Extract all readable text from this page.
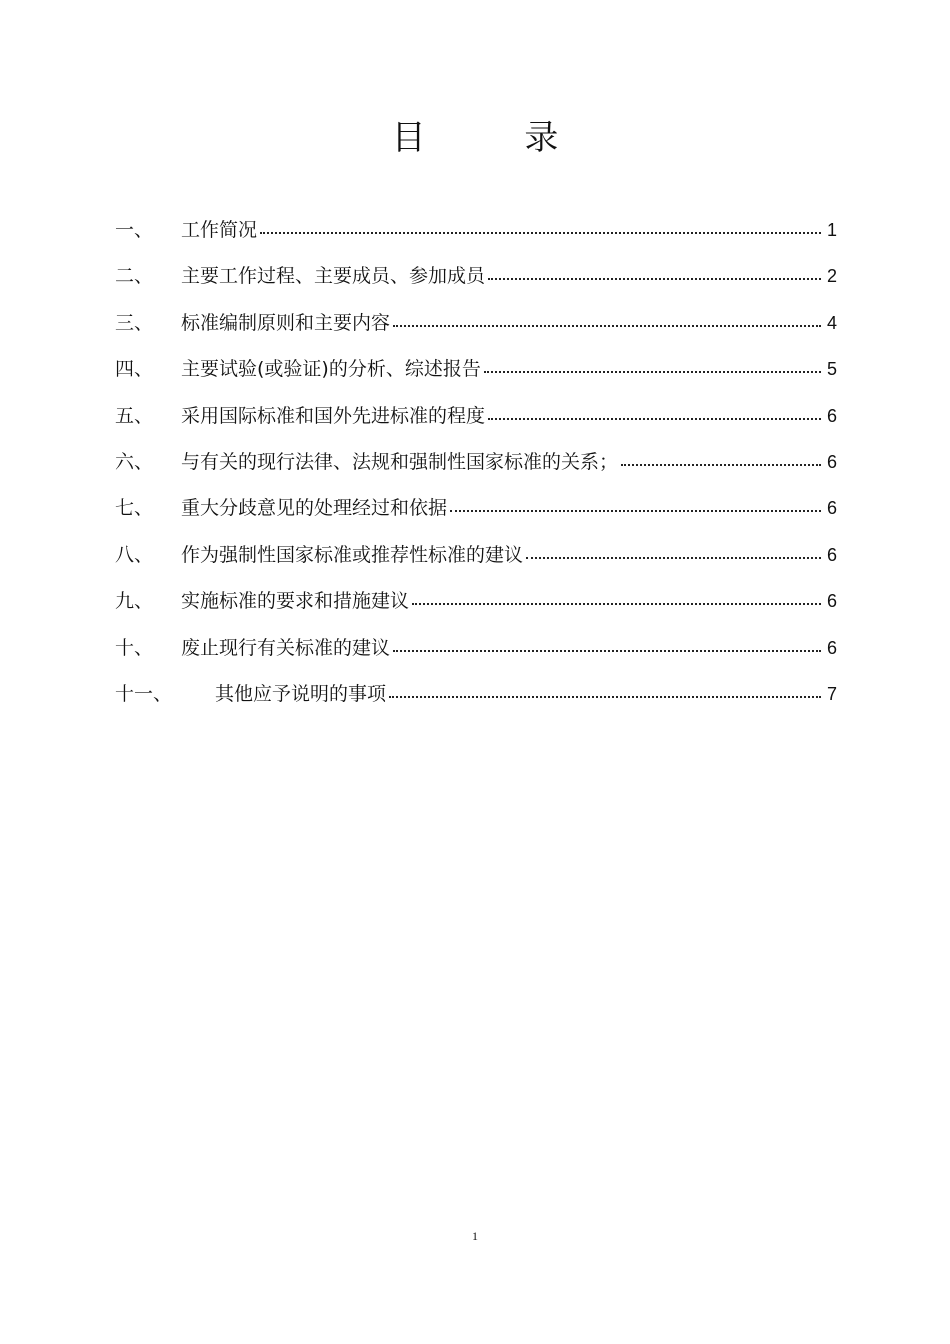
目 录
一、	工作简况	1
二、	主要工作过程、主要成员、参加成员	2
三、	标准编制原则和主要内容	4
四、	主要试验(或验证)的分析、综述报告	5
五、	采用国际标准和国外先进标准的程度	6
六、	与有关的现行法律、法规和强制性国家标准的关系；	6
七、	重大分歧意见的处理经过和依据	6
八、	作为强制性国家标准或推荐性标准的建议	6
九、	实施标准的要求和措施建议	6
十、	废止现行有关标准的建议	6
十一、	其他应予说明的事项	7
1
